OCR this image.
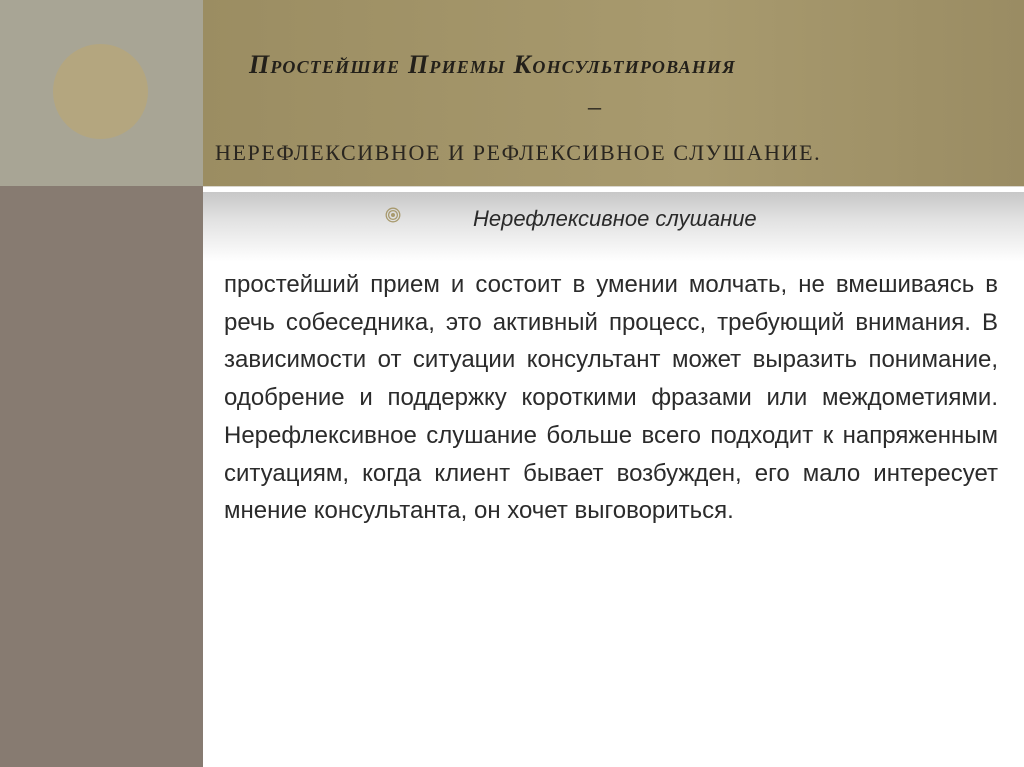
Простейшие Приемы Консультирования
–
НЕРЕФЛЕКСИВНОЕ И РЕФЛЕКСИВНОЕ СЛУШАНИЕ.
Нерефлексивное слушание

простейший прием и состоит в умении молчать, не вмешиваясь в речь собеседника, это активный процесс, требующий внимания. В зависимости от ситуации консультант может выразить понимание, одобрение и поддержку короткими фразами или междометиями. Нерефлексивное слушание больше всего подходит к напряженным ситуациям, когда клиент бывает возбужден, его мало интересует мнение консультанта, он хочет выговориться.
